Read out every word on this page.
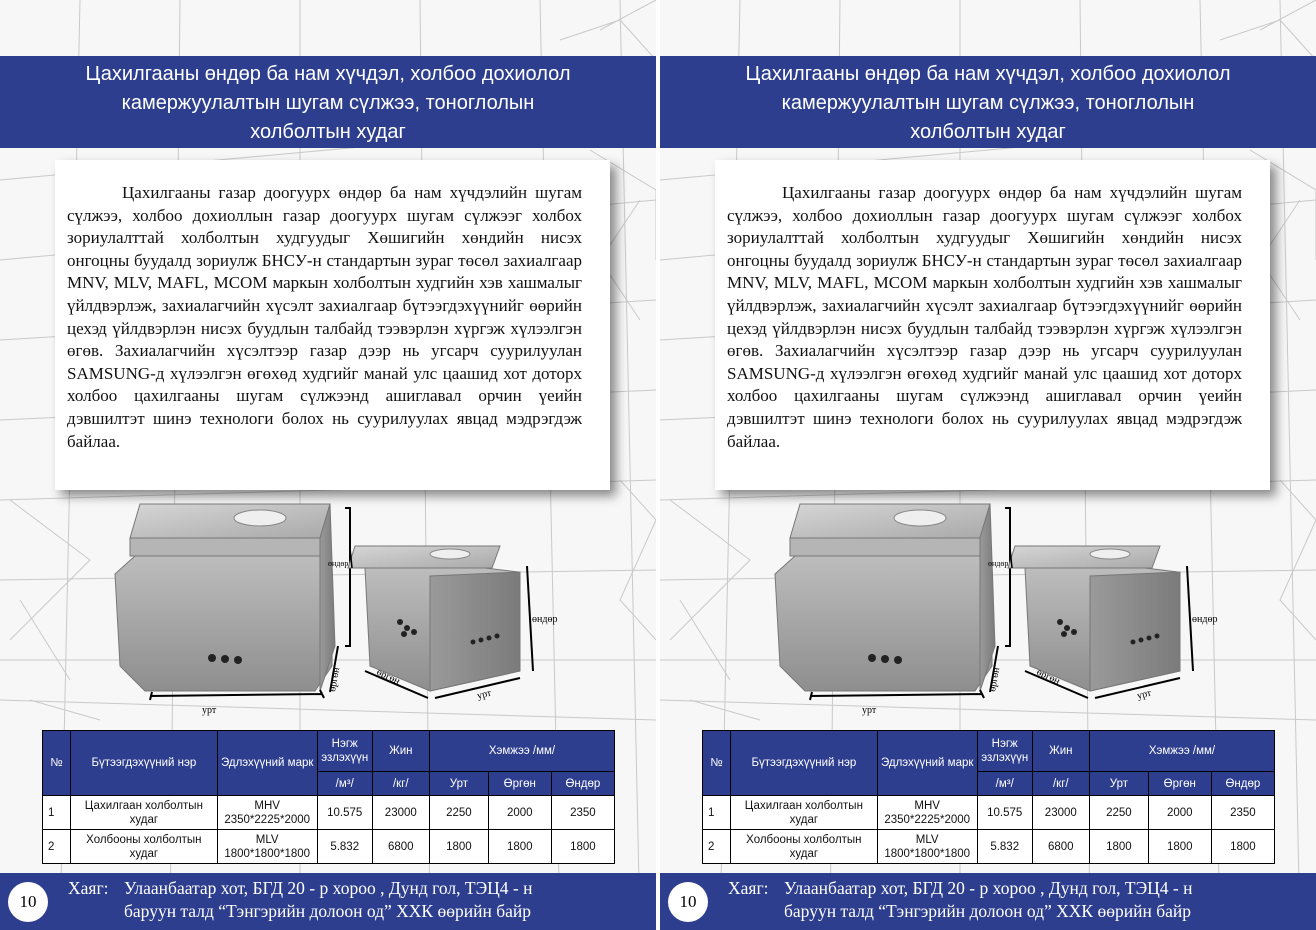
Цахилгааны өндөр ба нам хүчдэл, холбоо дохиолол
камержуулалтын шугам сүлжээ, тоноглолын
холболтын худаг

Цахилгааны газар доогуурх өндөр ба нам хүчдэлийн шугам сүлжээ, холбоо дохиоллын газар доогуурх шугам сүлжээг холбох зориулалттай холболтын худгуудыг Хөшигийн хөндийн нисэх онгоцны буудалд зориулж БНСУ-н стандартын зураг төсөл захиалгаар MNV, MLV, MAFL, MCOM маркын холболтын худгийн хэв хашмалыг үйлдвэрлэж, захиалагчийн хүсэлт захиалгаар бүтээгдэхүүнийг өөрийн цехэд үйлдвэрлэн нисэх буудлын талбайд тээвэрлэн хүргэж хүлээлгэн өгөв. Захиалагчийн хүсэлтээр газар дээр нь угсарч суурилуулан SAMSUNG-д хүлээлгэн өгөхөд худгийг манай улс цаашид хот доторх холбоо цахилгааны шугам сүлжээнд ашиглавал орчин үеийн дэвшилтэт шинэ технологи болох нь суурилуулах явцад мэдрэгдэж байлаа.

өндөр
өндөр
өргөн	өргөн
урт
урт
№	Бүтээгдэхүүний нэр	Эдлэхүүний марк	Нэгж эзлэхүүн	Жин	Хэмжээ /мм/		
			/м³/	/кг/	Урт	Өргөн	Өндөр
1	Цахилгаан холболтын худаг	MHV
2350*2225*2000	10.575	23000	2250	2000	2350
2	Холбооны холболтын худаг	MLV
1800*1800*1800	5.832	6800	1800	1800	1800
10
Хаяг: Улаанбаатар хот, БГД 20 - р хороо , Дунд гол, ТЭЦ4 - н
баруун талд “Тэнгэрийн долоон од” ХХК өөрийн байр
Цахилгааны өндөр ба нам хүчдэл, холбоо дохиолол
камержуулалтын шугам сүлжээ, тоноглолын
холболтын худаг

Цахилгааны газар доогуурх өндөр ба нам хүчдэлийн шугам сүлжээ, холбоо дохиоллын газар доогуурх шугам сүлжээг холбох зориулалттай холболтын худгуудыг Хөшигийн хөндийн нисэх онгоцны буудалд зориулж БНСУ-н стандартын зураг төсөл захиалгаар MNV, MLV, MAFL, MCOM маркын холболтын худгийн хэв хашмалыг үйлдвэрлэж, захиалагчийн хүсэлт захиалгаар бүтээгдэхүүнийг өөрийн цехэд үйлдвэрлэн нисэх буудлын талбайд тээвэрлэн хүргэж хүлээлгэн өгөв. Захиалагчийн хүсэлтээр газар дээр нь угсарч суурилуулан SAMSUNG-д хүлээлгэн өгөхөд худгийг манай улс цаашид хот доторх холбоо цахилгааны шугам сүлжээнд ашиглавал орчин үеийн дэвшилтэт шинэ технологи болох нь суурилуулах явцад мэдрэгдэж байлаа.

өндөр
өндөр
өргөн	өргөн
урт
урт
№	Бүтээгдэхүүний нэр	Эдлэхүүний марк	Нэгж эзлэхүүн	Жин	Хэмжээ /мм/		
			/м³/	/кг/	Урт	Өргөн	Өндөр
1	Цахилгаан холболтын худаг	MHV
2350*2225*2000	10.575	23000	2250	2000	2350
2	Холбооны холболтын худаг	MLV
1800*1800*1800	5.832	6800	1800	1800	1800
10
Хаяг: Улаанбаатар хот, БГД 20 - р хороо , Дунд гол, ТЭЦ4 - н
баруун талд “Тэнгэрийн долоон од” ХХК өөрийн байр
